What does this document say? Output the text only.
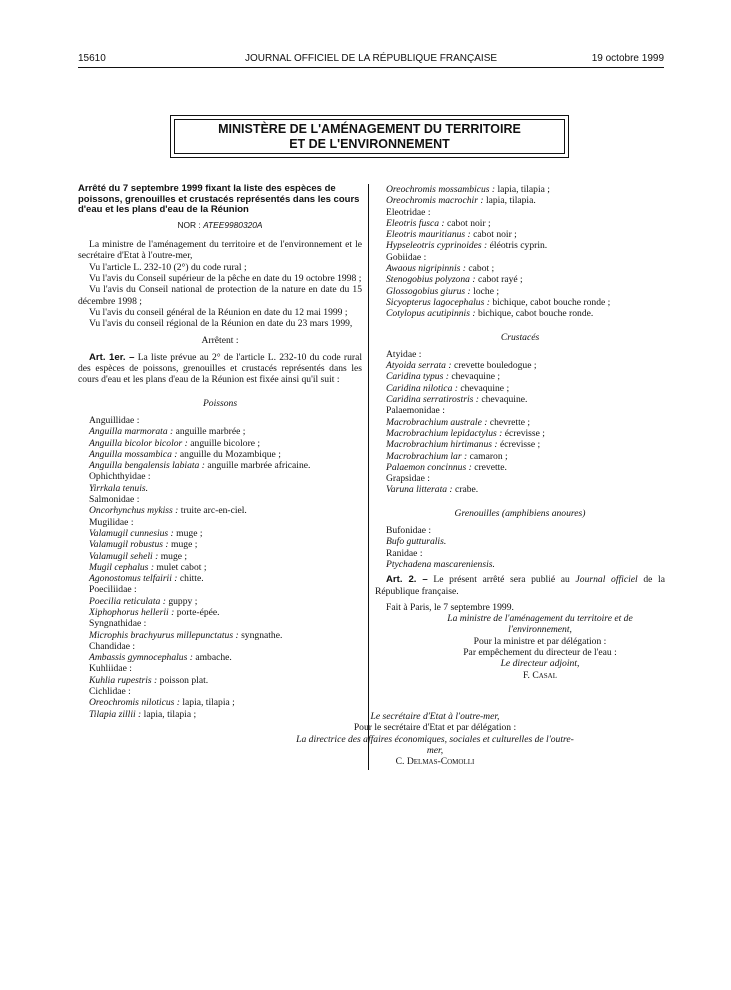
15610	JOURNAL OFFICIEL DE LA RÉPUBLIQUE FRANÇAISE	19 octobre 1999
MINISTÈRE DE L'AMÉNAGEMENT DU TERRITOIRE
ET DE L'ENVIRONNEMENT

Arrêté du 7 septembre 1999 fixant la liste des espèces de poissons, grenouilles et crustacés représentés dans les cours d'eau et les plans d'eau de la Réunion

NOR : ATEE9980320A

La ministre de l'aménagement du territoire et de l'environnement et le secrétaire d'Etat à l'outre-mer,

Vu l'article L. 232-10 (2°) du code rural ;

Vu l'avis du Conseil supérieur de la pêche en date du 19 octobre 1998 ;

Vu l'avis du Conseil national de protection de la nature en date du 15 décembre 1998 ;

Vu l'avis du conseil général de la Réunion en date du 12 mai 1999 ;

Vu l'avis du conseil régional de la Réunion en date du 23 mars 1999,

Arrêtent :

Art. 1er. – La liste prévue au 2° de l'article L. 232-10 du code rural des espèces de poissons, grenouilles et crustacés représentés dans les cours d'eau et les plans d'eau de la Réunion est fixée ainsi qu'il suit :

Poissons

Anguillidae :

Anguilla marmorata : anguille marbrée ;

Anguilla bicolor bicolor : anguille bicolore ;

Anguilla mossambica : anguille du Mozambique ;

Anguilla bengalensis labiata : anguille marbrée africaine.

Ophichthyidae :

Yirrkala tenuis.

Salmonidae :

Oncorhynchus mykiss : truite arc-en-ciel.

Mugilidae :

Valamugil cunnesius : muge ;

Valamugil robustus : muge ;

Valamugil seheli : muge ;

Mugil cephalus : mulet cabot ;

Agonostomus telfairii : chitte.

Poeciliidae :

Poecilia reticulata : guppy ;

Xiphophorus hellerii : porte-épée.

Syngnathidae :

Microphis brachyurus millepunctatus : syngnathe.

Chandidae :

Ambassis gymnocephalus : ambache.

Kuhliidae :

Kuhlia rupestris : poisson plat.

Cichlidae :

Oreochromis niloticus : lapia, tilapia ;

Tilapia zillii : lapia, tilapia ;

Oreochromis mossambicus : lapia, tilapia ;

Oreochromis macrochir : lapia, tilapia.

Eleotridae :

Eleotris fusca : cabot noir ;

Eleotris mauritianus : cabot noir ;

Hypseleotris cyprinoides : éléotris cyprin.

Gobiidae :

Awaous nigripinnis : cabot ;

Stenogobius polyzona : cabot rayé ;

Glossogobius giurus : loche ;

Sicyopterus lagocephalus : bichique, cabot bouche ronde ;

Cotylopus acutipinnis : bichique, cabot bouche ronde.

Crustacés

Atyidae :

Atyoida serrata : crevette bouledogue ;

Caridina typus : chevaquine ;

Caridina nilotica : chevaquine ;

Caridina serratirostris : chevaquine.

Palaemonidae :

Macrobrachium australe : chevrette ;

Macrobrachium lepidactylus : écrevisse ;

Macrobrachium hirtimanus : écrevisse ;

Macrobrachium lar : camaron ;

Palaemon concinnus : crevette.

Grapsidae :

Varuna litterata : crabe.

Grenouilles (amphibiens anoures)

Bufonidae :

Bufo gutturalis.

Ranidae :

Ptychadena mascareniensis.

Art. 2. – Le présent arrêté sera publié au Journal officiel de la République française.

Fait à Paris, le 7 septembre 1999.

La ministre de l'aménagement du territoire et de l'environnement,

Pour la ministre et par délégation :

Par empêchement du directeur de l'eau :

Le directeur adjoint,

F. Casal

Le secrétaire d'Etat à l'outre-mer,

Pour le secrétaire d'Etat et par délégation :

La directrice des affaires économiques, sociales et culturelles de l'outre-mer,

C. Delmas-Comolli
